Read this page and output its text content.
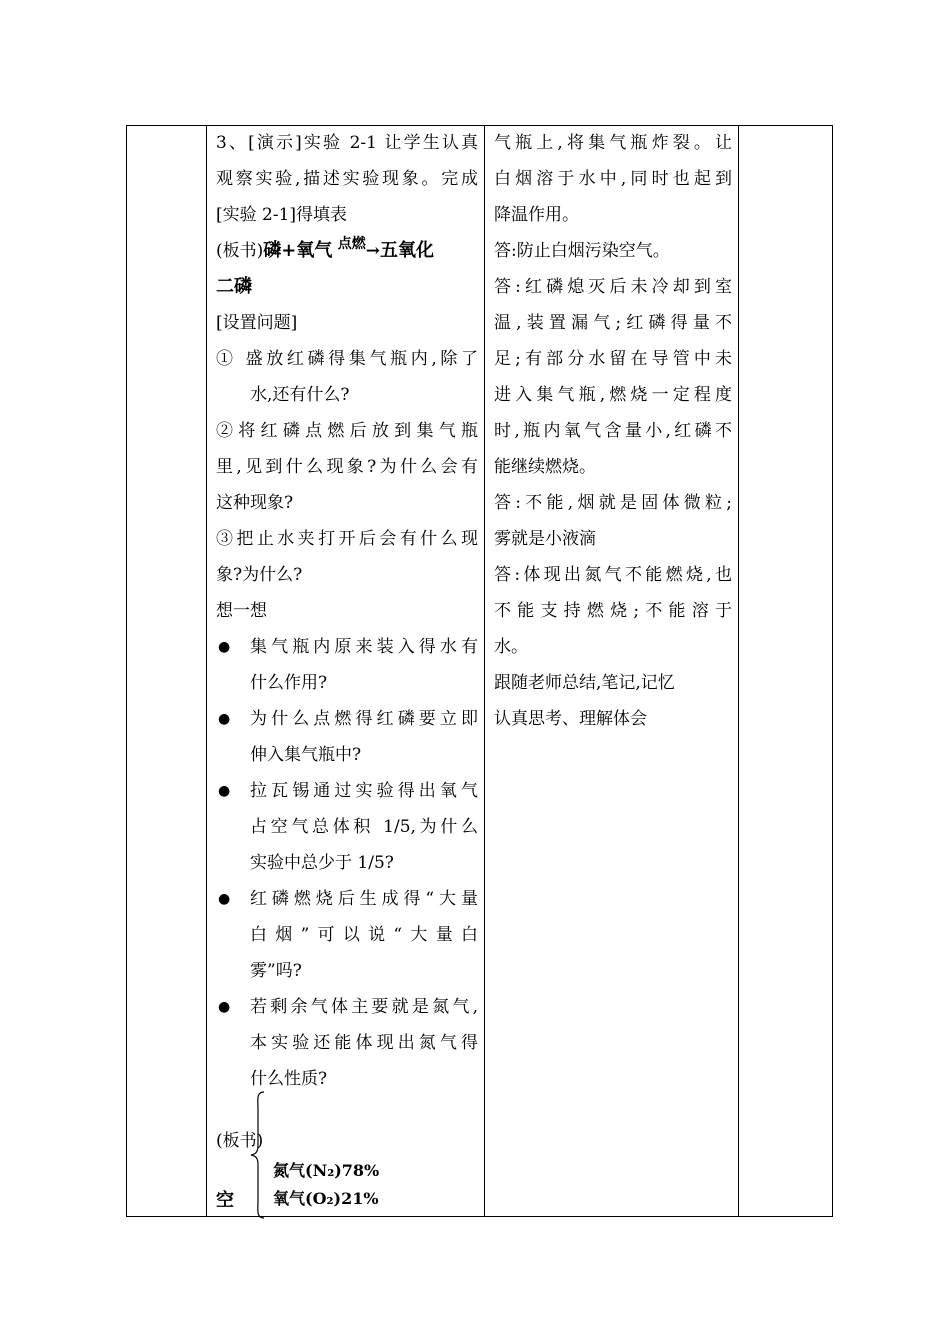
3、[演示]实验 2-1 让学生认真
观察实验,描述实验现象。完成
[实验 2-1]得填表
(板书)磷+氧气 $^{点燃}$→五氧化
二磷
[设置问题]
① 盛放红磷得集气瓶内,除了
水,还有什么?
②将红磷点燃后放到集气瓶
里,见到什么现象?为什么会有
这种现象?
③把止水夹打开后会有什么现
象?为什么?
想一想
● 集气瓶内原来装入得水有
什么作用?
● 为什么点燃得红磷要立即
伸入集气瓶中?
● 拉瓦锡通过实验得出氧气
占空气总体积 1/5,为什么
实验中总少于 1/5?
● 红磷燃烧后生成得“大量
白烟”可以说“大量白
雾”吗?
● 若剩余气体主要就是氮气,
本实验还能体现出氮气得
什么性质?
(板书)
空
氮气(N₂)78%
氧气(O₂)21%
气瓶上,将集气瓶炸裂。让
白烟溶于水中,同时也起到
降温作用。
答:防止白烟污染空气。
答:红磷熄灭后未冷却到室
温,装置漏气;红磷得量不
足;有部分水留在导管中未
进入集气瓶,燃烧一定程度
时,瓶内氧气含量小,红磷不
能继续燃烧。
答:不能,烟就是固体微粒;
雾就是小液滴
答:体现出氮气不能燃烧,也
不能支持燃烧;不能溶于
水。
跟随老师总结,笔记,记忆
认真思考、理解体会
